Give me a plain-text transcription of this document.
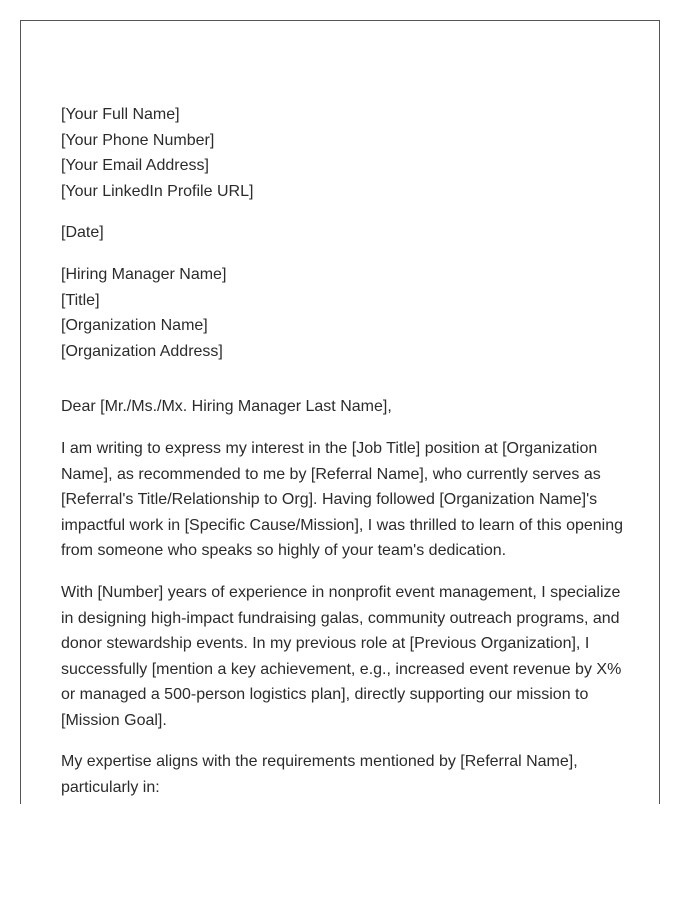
[Your Full Name]
[Your Phone Number]
[Your Email Address]
[Your LinkedIn Profile URL]
[Date]
[Hiring Manager Name]
[Title]
[Organization Name]
[Organization Address]
Dear [Mr./Ms./Mx. Hiring Manager Last Name],

I am writing to express my interest in the [Job Title] position at [Organization Name], as recommended to me by [Referral Name], who currently serves as [Referral's Title/Relationship to Org]. Having followed [Organization Name]'s impactful work in [Specific Cause/Mission], I was thrilled to learn of this opening from someone who speaks so highly of your team's dedication.

With [Number] years of experience in nonprofit event management, I specialize in designing high-impact fundraising galas, community outreach programs, and donor stewardship events. In my previous role at [Previous Organization], I successfully [mention a key achievement, e.g., increased event revenue by X% or managed a 500-person logistics plan], directly supporting our mission to [Mission Goal].

My expertise aligns with the requirements mentioned by [Referral Name], particularly in:
